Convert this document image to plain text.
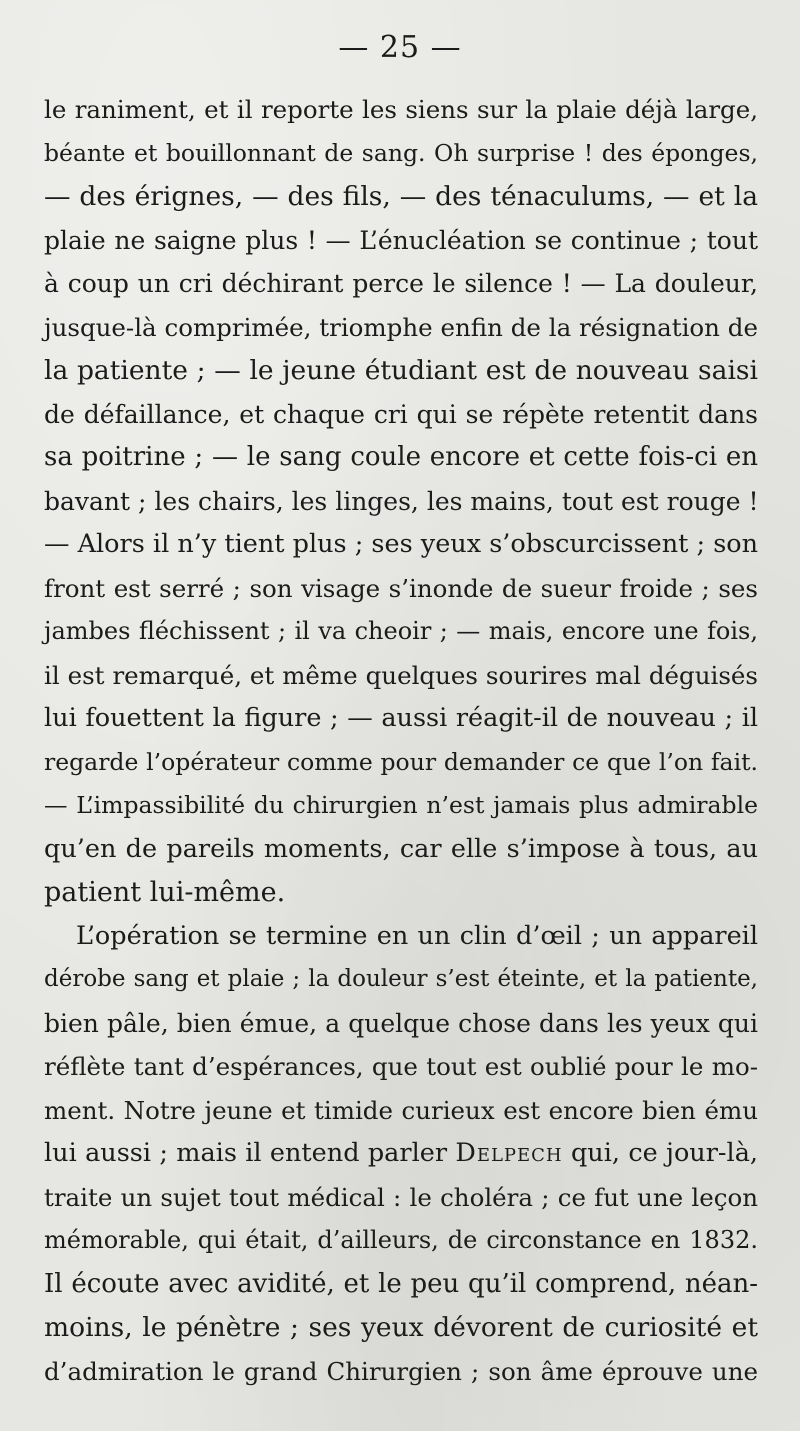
— 25 —
le raniment, et il reporte les siens sur la plaie déjà large,
béante et bouillonnant de sang. Oh surprise ! des éponges,
— des érignes, — des fils, — des ténaculums, — et la
plaie ne saigne plus ! — L’énucléation se continue ; tout
à coup un cri déchirant perce le silence ! — La douleur,
jusque-là comprimée, triomphe enfin de la résignation de
la patiente ; — le jeune étudiant est de nouveau saisi
de défaillance, et chaque cri qui se répète retentit dans
sa poitrine ; — le sang coule encore et cette fois-ci en
bavant ; les chairs, les linges, les mains, tout est rouge !
— Alors il n’y tient plus ; ses yeux s’obscurcissent ; son
front est serré ; son visage s’inonde de sueur froide ; ses
jambes fléchissent ; il va cheoir ; — mais, encore une fois,
il est remarqué, et même quelques sourires mal déguisés
lui fouettent la figure ; — aussi réagit-il de nouveau ; il
regarde l’opérateur comme pour demander ce que l’on fait.
— L’impassibilité du chirurgien n’est jamais plus admirable
qu’en de pareils moments, car elle s’impose à tous, au
patient lui-même.
L’opération se termine en un clin d’œil ; un appareil
dérobe sang et plaie ; la douleur s’est éteinte, et la patiente,
bien pâle, bien émue, a quelque chose dans les yeux qui
réflète tant d’espérances, que tout est oublié pour le mo-
ment. Notre jeune et timide curieux est encore bien ému
lui aussi ; mais il entend parler Delpech qui, ce jour-là,
traite un sujet tout médical : le choléra ; ce fut une leçon
mémorable, qui était, d’ailleurs, de circonstance en 1832.
Il écoute avec avidité, et le peu qu’il comprend, néan-
moins, le pénètre ; ses yeux dévorent de curiosité et
d’admiration le grand Chirurgien ; son âme éprouve une
